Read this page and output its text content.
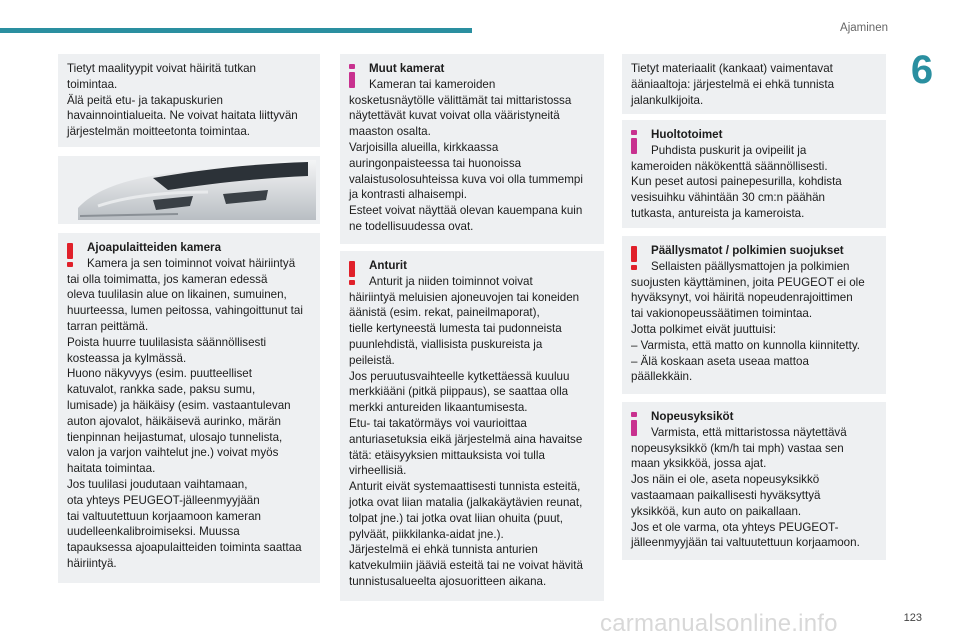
Ajaminen
6

Tietyt maalityypit voivat häiritä tutkan
toimintaa.
Älä peitä etu- ja takapuskurien
havainnointialueita. Ne voivat haitata liittyvän
järjestelmän moitteetonta toimintaa.

Ajoapulaitteiden kamera

Kamera ja sen toiminnot voivat häiriintyä

tai olla toimimatta, jos kameran edessä
oleva tuulilasin alue on likainen, sumuinen,
huurteessa, lumen peitossa, vahingoittunut tai
tarran peittämä.
Poista huurre tuulilasista säännöllisesti
kosteassa ja kylmässä.
Huono näkyvyys (esim. puutteelliset
katuvalot, rankka sade, paksu sumu,
lumisade) ja häikäisy (esim. vastaantulevan
auton ajovalot, häikäisevä aurinko, märän
tienpinnan heijastumat, ulosajo tunnelista,
valon ja varjon vaihtelut jne.) voivat myös
haitata toimintaa.
Jos tuulilasi joudutaan vaihtamaan,
ota yhteys PEUGEOT-jälleenmyyjään
tai valtuutettuun korjaamoon kameran
uudelleenkalibroimiseksi. Muussa
tapauksessa ajoapulaitteiden toiminta saattaa
häiriintyä.

Muut kamerat

Kameran tai kameroiden

kosketusnäytölle välittämät tai mittaristossa
näytettävät kuvat voivat olla vääristyneitä
maaston osalta.
Varjoisilla alueilla, kirkkaassa
auringonpaisteessa tai huonoissa
valaistusolosuhteissa kuva voi olla tummempi
ja kontrasti alhaisempi.
Esteet voivat näyttää olevan kauempana kuin
ne todellisuudessa ovat.

Anturit

Anturit ja niiden toiminnot voivat

häiriintyä meluisien ajoneuvojen tai koneiden
äänistä (esim. rekat, paineilmaporat),
tielle kertyneestä lumesta tai pudonneista
puunlehdistä, viallisista puskureista ja
peileistä.
Jos peruutusvaihteelle kytkettäessä kuuluu
merkkiääni (pitkä piippaus), se saattaa olla
merkki antureiden likaantumisesta.
Etu- tai takatörmäys voi vaurioittaa
anturiasetuksia eikä järjestelmä aina havaitse
tätä: etäisyyksien mittauksista voi tulla
virheellisiä.
Anturit eivät systemaattisesti tunnista esteitä,
jotka ovat liian matalia (jalkakäytävien reunat,
tolpat jne.) tai jotka ovat liian ohuita (puut,
pylväät, piikkilanka-aidat jne.).
Järjestelmä ei ehkä tunnista anturien
katvekulmiin jääviä esteitä tai ne voivat hävitä
tunnistusalueelta ajosuoritteen aikana.

Tietyt materiaalit (kankaat) vaimentavat
ääniaaltoja: järjestelmä ei ehkä tunnista
jalankulkijoita.

Huoltotoimet

Puhdista puskurit ja ovipeilit ja

kameroiden näkökenttä säännöllisesti.
Kun peset autosi painepesurilla, kohdista
vesisuihku vähintään 30 cm:n päähän
tutkasta, antureista ja kameroista.

Päällysmatot / polkimien suojukset

Sellaisten päällysmattojen ja polkimien

suojusten käyttäminen, joita PEUGEOT ei ole
hyväksynyt, voi häiritä nopeudenrajoittimen
tai vakionopeussäätimen toimintaa.
Jotta polkimet eivät juuttuisi:
– Varmista, että matto on kunnolla kiinnitetty.
– Älä koskaan aseta useaa mattoa
päällekkäin.

Nopeusyksiköt

Varmista, että mittaristossa näytettävä

nopeusyksikkö (km/h tai mph) vastaa sen
maan yksikköä, jossa ajat.
Jos näin ei ole, aseta nopeusyksikkö
vastaamaan paikallisesti hyväksyttyä
yksikköä, kun auto on paikallaan.
Jos et ole varma, ota yhteys PEUGEOT-
jälleenmyyjään tai valtuutettuun korjaamoon.

carmanualsonline.info	123
